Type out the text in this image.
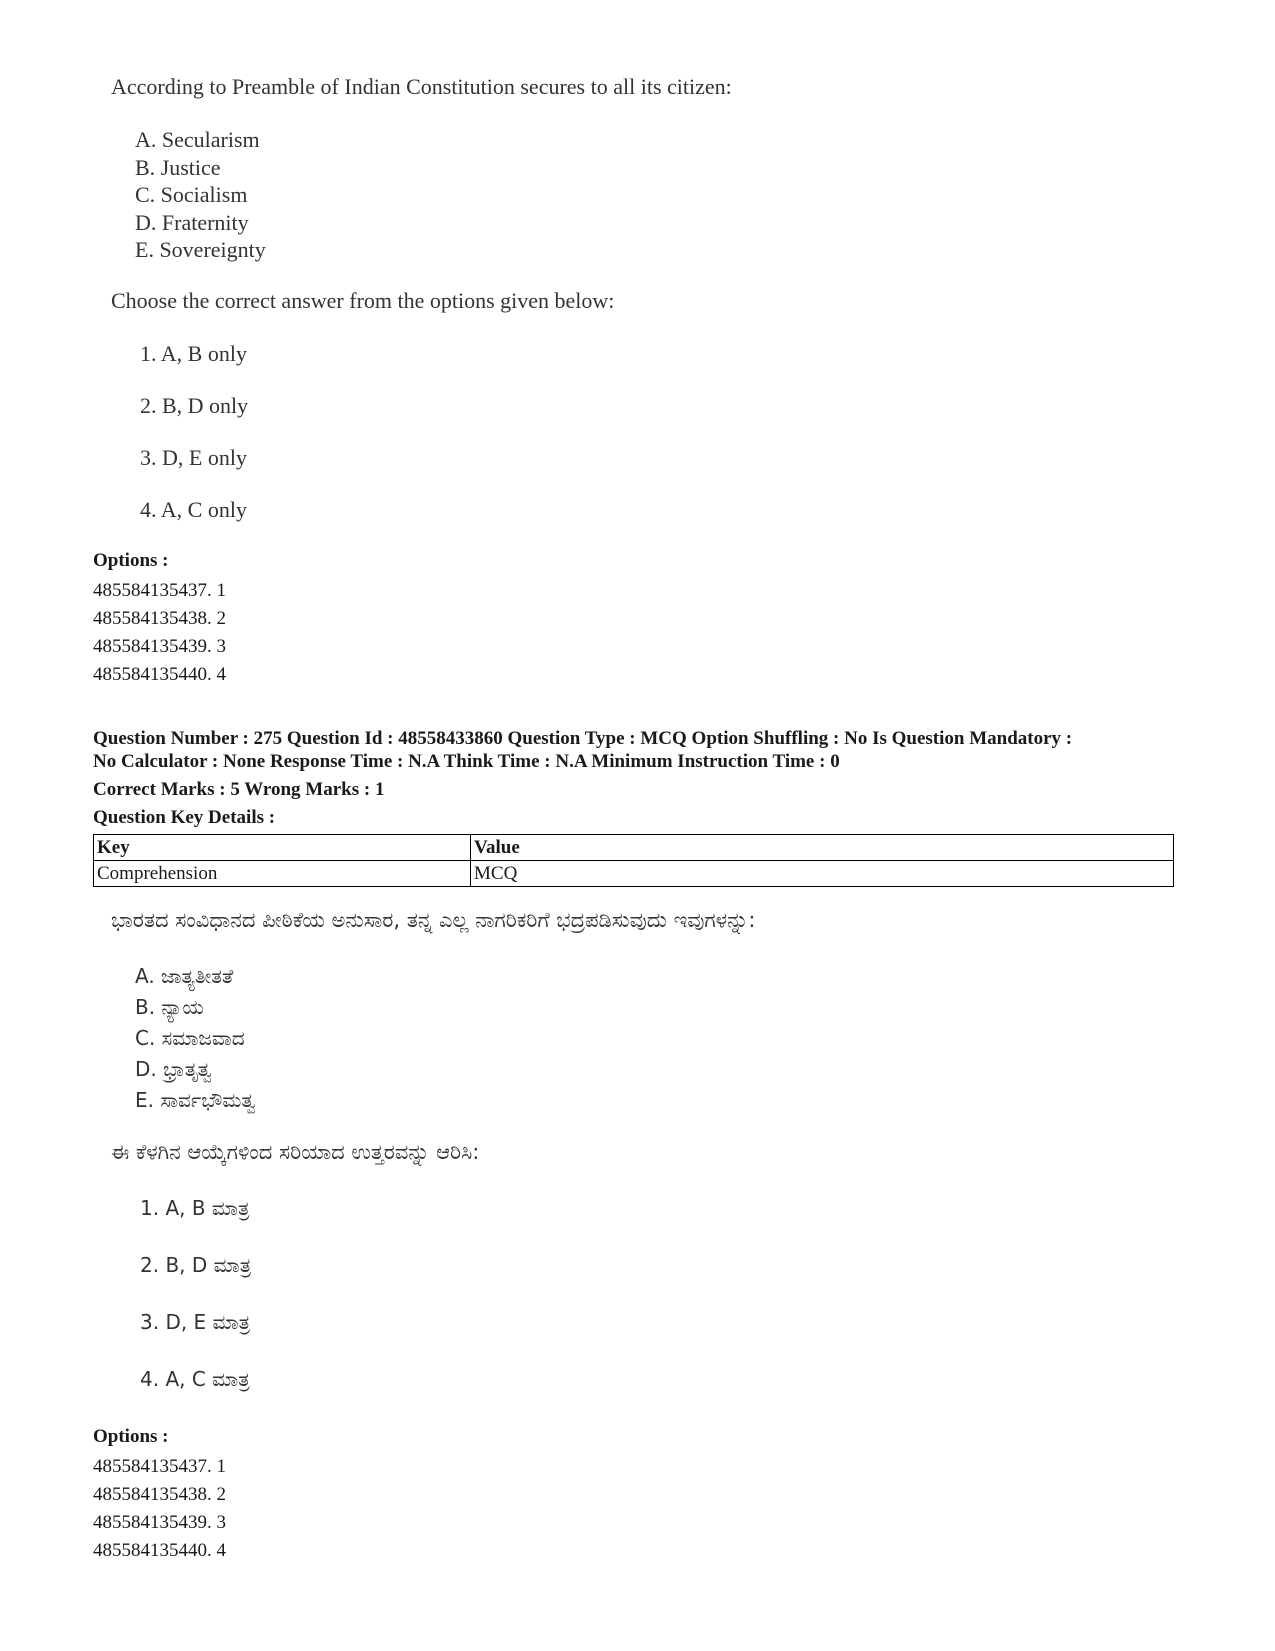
According to Preamble of Indian Constitution secures to all its citizen:
A. Secularism
B. Justice
C. Socialism
D. Fraternity
E. Sovereignty
Choose the correct answer from the options given below:
1. A, B only
2. B, D only
3. D, E only
4. A, C only
Options :
485584135437. 1
485584135438. 2
485584135439. 3
485584135440. 4
Question Number : 275 Question Id : 48558433860 Question Type : MCQ Option Shuffling : No Is Question Mandatory :
No Calculator : None Response Time : N.A Think Time : N.A Minimum Instruction Time : 0
Correct Marks : 5 Wrong Marks : 1
Question Key Details :
Key	Value
Comprehension	MCQ
ಭಾರತದ ಸಂವಿಧಾನದ ಪೀಠಿಕೆಯ ಅನುಸಾರ, ತನ್ನ ಎಲ್ಲ ನಾಗರಿಕರಿಗೆ ಭದ್ರಪಡಿಸುವುದು ಇವುಗಳನ್ನು:
A. ಜಾತ್ಯತೀತತೆ
B. ನ್ಯಾಯ
C. ಸಮಾಜವಾದ
D. ಭ್ರಾತೃತ್ವ
E. ಸಾರ್ವಭೌಮತ್ವ
ಈ ಕೆಳಗಿನ ಆಯ್ಕೆಗಳಿಂದ ಸರಿಯಾದ ಉತ್ತರವನ್ನು ಆರಿಸಿ:
1. A, B ಮಾತ್ರ
2. B, D ಮಾತ್ರ
3. D, E ಮಾತ್ರ
4. A, C ಮಾತ್ರ
Options :
485584135437. 1
485584135438. 2
485584135439. 3
485584135440. 4
